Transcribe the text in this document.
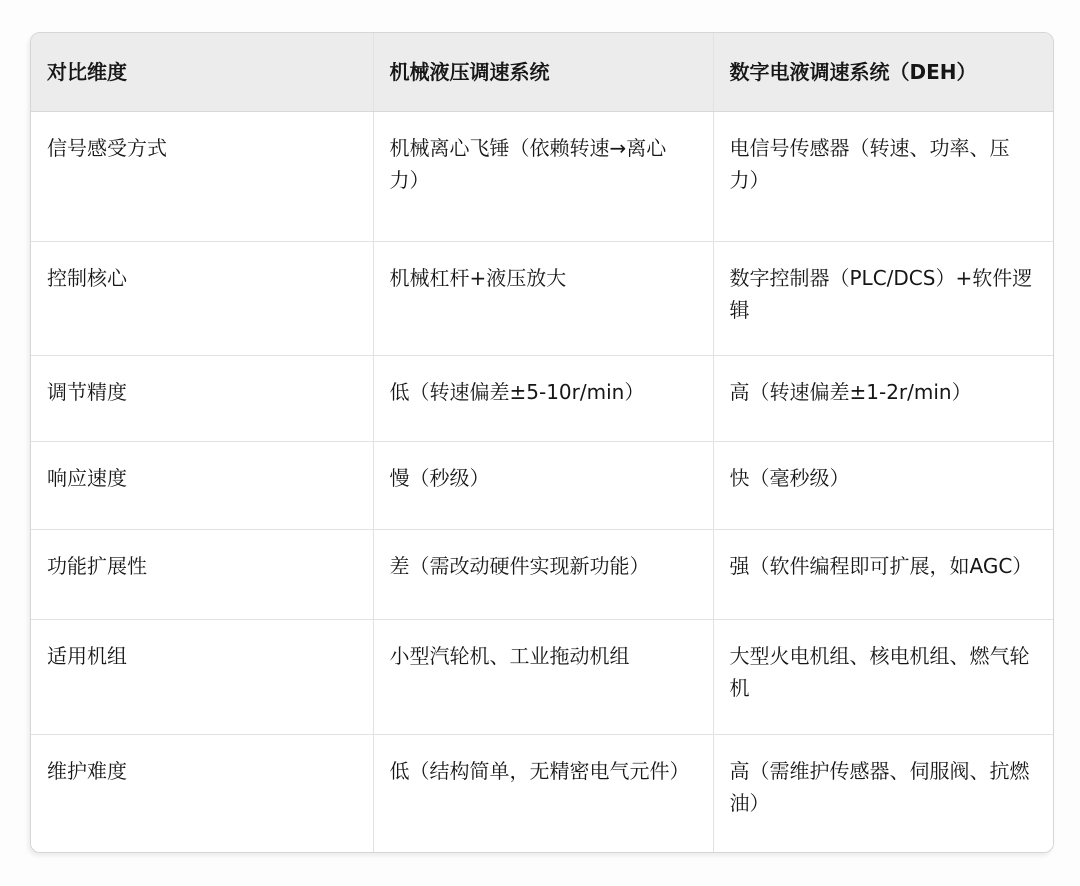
对比维度	机械液压调速系统	数字电液调速系统（DEH）
信号感受方式	机械离心飞锤（依赖转速→离心力）	电信号传感器（转速、功率、压力）
控制核心	机械杠杆+液压放大	数字控制器（PLC/DCS）+软件逻辑
调节精度	低（转速偏差±5-10r/min）	高（转速偏差±1-2r/min）
响应速度	慢（秒级）	快（毫秒级）
功能扩展性	差（需改动硬件实现新功能）	强（软件编程即可扩展，如AGC）
适用机组	小型汽轮机、工业拖动机组	大型火电机组、核电机组、燃气轮机
维护难度	低（结构简单，无精密电气元件）	高（需维护传感器、伺服阀、抗燃油）
